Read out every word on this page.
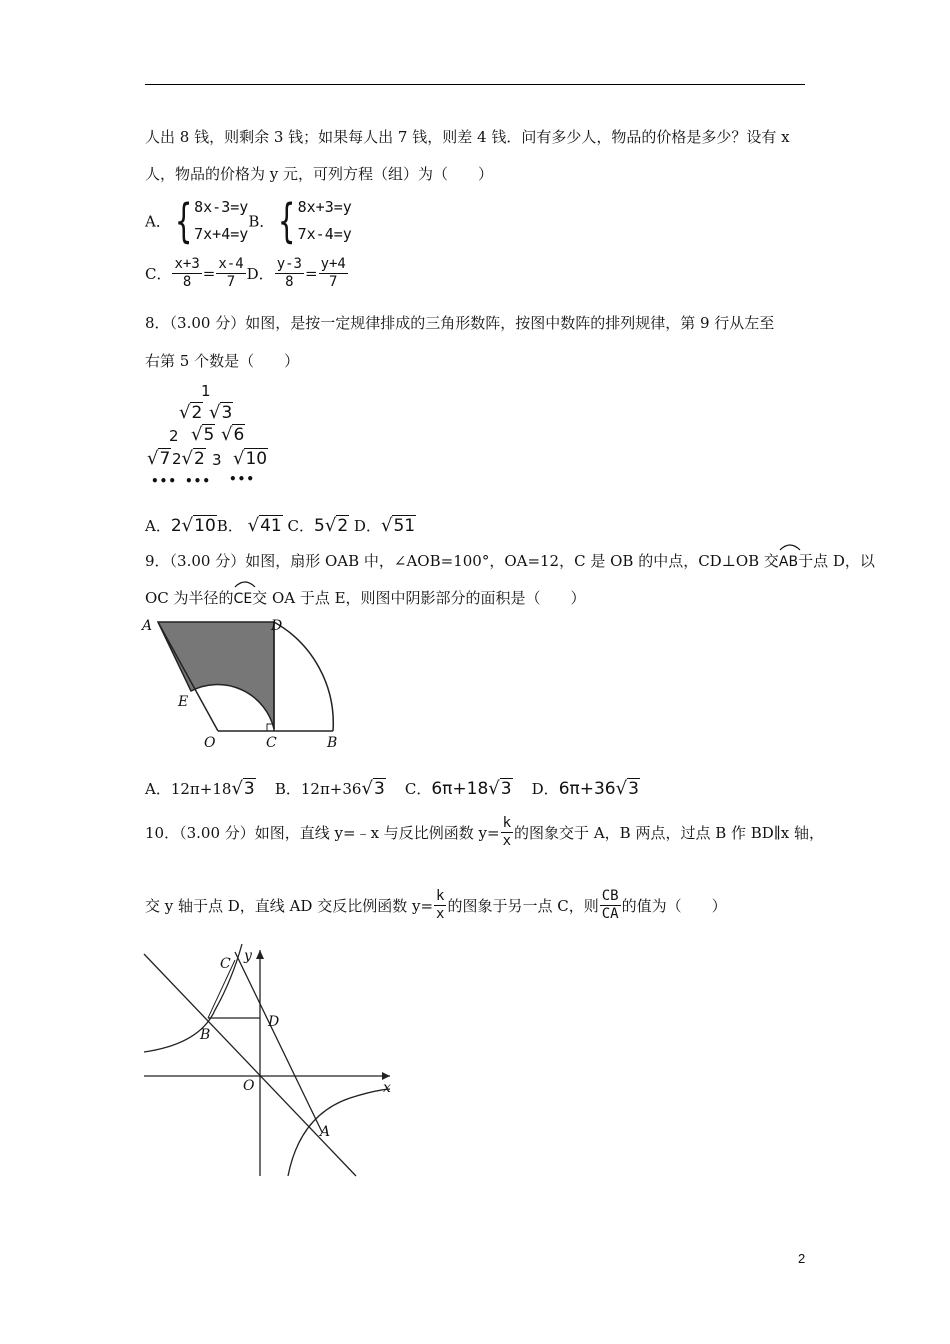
人出 8 钱，则剩余 3 钱；如果每人出 7 钱，则差 4 钱．问有多少人，物品的价格是多少？设有 x
人，物品的价格为 y 元，可列方程（组）为（　　）
A．{ 8x-3=y
7x+4=y
B．{ 8x+3=y
7x-4=y
C． $\frac{x+3}{8} = \frac{x-4}{7}$ D． $\frac{y-3}{8} = \frac{y+4}{7}$
8．（3.00 分）如图，是按一定规律排成的三角形数阵，按图中数阵的排列规律，第 9 行从左至
右第 5 个数是（　　）
1
√2 √3
2 √5 √6
√7 2√2 3 √10
••• ••• •••
A．2√10B． √41 C．5√2 D．√51
9．（3.00 分）如图，扇形 OAB 中，∠AOB=100°，OA=12，C 是 OB 的中点，CD⊥OB 交
AB于点 D，以
OC 为半径的
CE交 OA 于点 E，则图中阴影部分的面积是（　　）
A	D
E
O	C	B
A．12π+18√3 B．12π+36√3 C．6π+18√3 D．6π+36√3
10．（3.00 分）如图，直线 y=﹣x 与反比例函数 $y= \frac{k}{x}$ 的图象交于 A，B 两点，过点 B 作 BD∥x 轴，
交 y 轴于点 D，直线 AD 交反比例函数 $y= \frac{k}{x}$ 的图象于另一点 C，则 $\frac{CB}{CA}$ 的值为（　　）
C y
D
B
O	x
A
2
